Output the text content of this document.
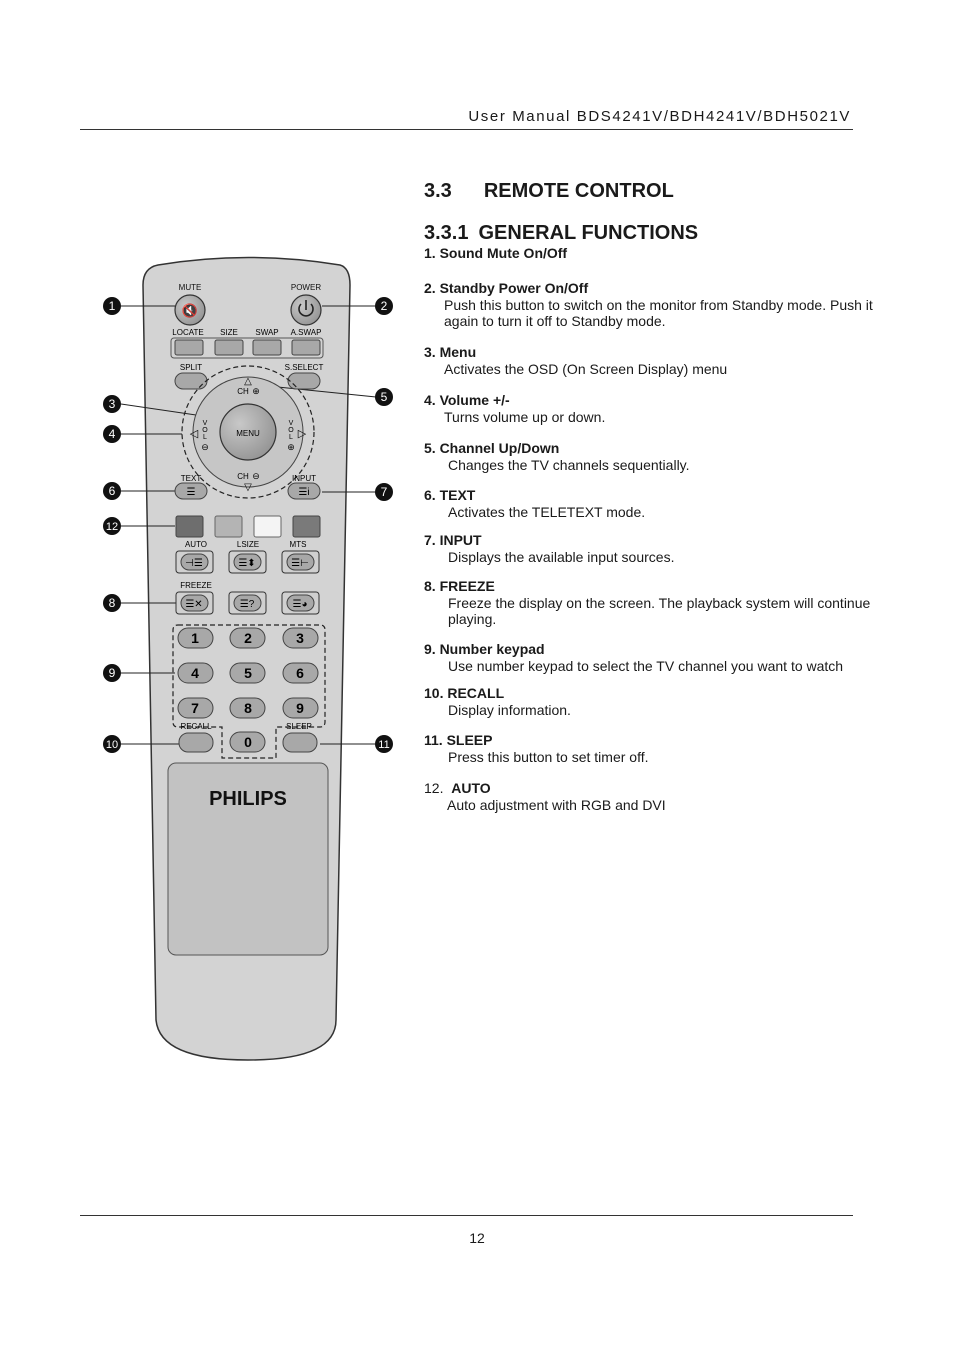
User Manual BDS4241V/BDH4241V/BDH5021V
PHILIPS
🔇
MUTE	POWER
LOCATE SIZE SWAP A.SWAP
SPLIT	S.SELECT
MENU
△
CH ⊕
CH ⊖
▽
◁	▷
V
O
L
⊖
V
O
L
⊕
TEXT	INPUT
☰	☰i
AUTO	LSIZE	MTS
⊣☰	☰⬍	☰⊢
FREEZE
☰✕	☰?	☰◕
1	2	3
4	5	6
7	8	9
0
RECALL	SLEEP
1	2
3
4
5
6	7
8
9
10	11
12
3.3 REMOTE CONTROL
3.3.1 GENERAL FUNCTIONS
1. Sound Mute On/Off
2. Standby Power On/Off

Push this button to switch on the monitor from Standby mode. Push it again to turn it off to Standby mode.

3. Menu

Activates the OSD (On Screen Display) menu

4. Volume +/-

Turns volume up or down.

5. Channel Up/Down

Changes the TV channels sequentially.

6. TEXT

Activates the TELETEXT mode.

7. INPUT

Displays the available input sources.

8. FREEZE

Freeze the display on the screen. The playback system will continue playing.

9. Number keypad

Use number keypad to select the TV channel you want to watch

10. RECALL

Display information.

11. SLEEP

Press this button to set timer off.

12. AUTO

Auto adjustment with RGB and DVI

12
